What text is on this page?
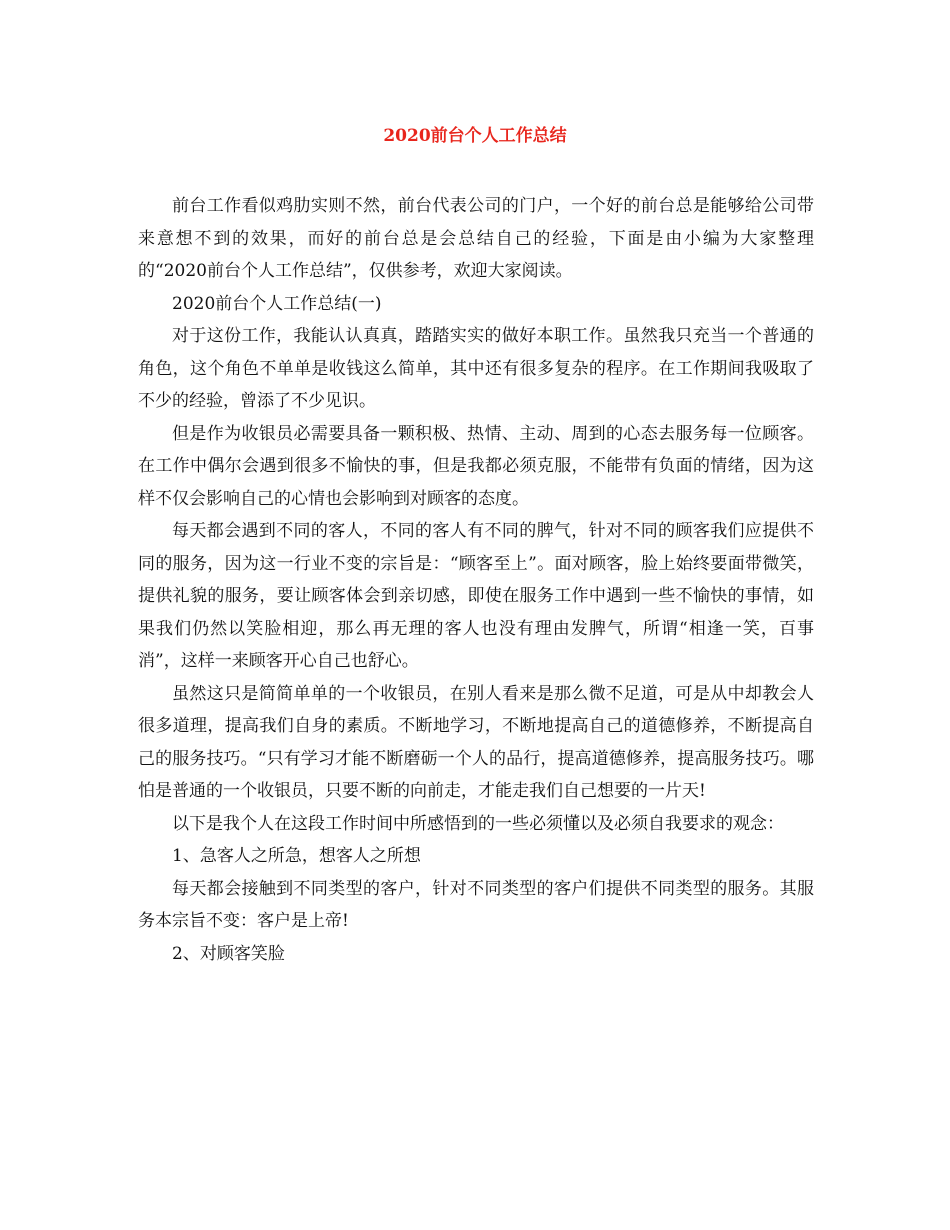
2020前台个人工作总结

前台工作看似鸡肋实则不然，前台代表公司的门户，一个好的前台总是能够给公司带来意想不到的效果，而好的前台总是会总结自己的经验，下面是由小编为大家整理的“2020前台个人工作总结”，仅供参考，欢迎大家阅读。

2020前台个人工作总结(一)

对于这份工作，我能认认真真，踏踏实实的做好本职工作。虽然我只充当一个普通的角色，这个角色不单单是收钱这么简单，其中还有很多复杂的程序。在工作期间我吸取了不少的经验，曾添了不少见识。

但是作为收银员必需要具备一颗积极、热情、主动、周到的心态去服务每一位顾客。在工作中偶尔会遇到很多不愉快的事，但是我都必须克服，不能带有负面的情绪，因为这样不仅会影响自己的心情也会影响到对顾客的态度。

每天都会遇到不同的客人，不同的客人有不同的脾气，针对不同的顾客我们应提供不同的服务，因为这一行业不变的宗旨是：“顾客至上”。面对顾客，脸上始终要面带微笑，提供礼貌的服务，要让顾客体会到亲切感，即使在服务工作中遇到一些不愉快的事情，如果我们仍然以笑脸相迎，那么再无理的客人也没有理由发脾气，所谓“相逢一笑，百事消”，这样一来顾客开心自己也舒心。

虽然这只是简简单单的一个收银员，在别人看来是那么微不足道，可是从中却教会人很多道理，提高我们自身的素质。不断地学习，不断地提高自己的道德修养，不断提高自己的服务技巧。“只有学习才能不断磨砺一个人的品行，提高道德修养，提高服务技巧。哪怕是普通的一个收银员，只要不断的向前走，才能走我们自己想要的一片天!

以下是我个人在这段工作时间中所感悟到的一些必须懂以及必须自我要求的观念：

1、急客人之所急，想客人之所想

每天都会接触到不同类型的客户，针对不同类型的客户们提供不同类型的服务。其服务本宗旨不变：客户是上帝!

2、对顾客笑脸
